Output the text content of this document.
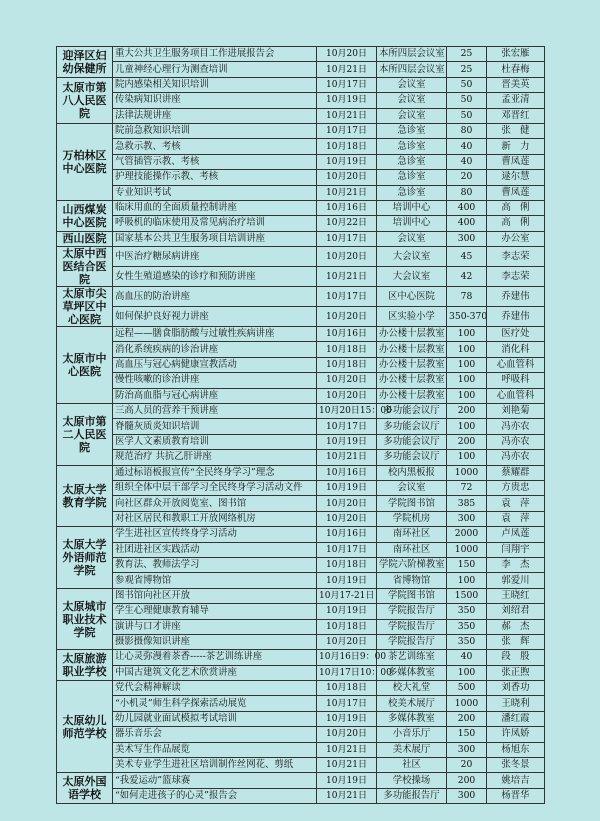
迎泽区妇幼保健所	重大公共卫生服务项目工作进展报告会	10月20日	本所四层会议室	25	张宏雁
	儿童神经心理行为测查培训	10月21日	本所四层会议室	25	杜春梅
太原市第八人民医院	院内感染相关知识培训	10月17日	会议室	50	晋美英
	传染病知识讲座	10月19日	会议室	50	孟亚清
	法律法规讲座	10月21日	会议室	50	邓晋红
万柏林区中心医院	院前急救知识培训	10月17日	急诊室	80	张　健
	急救示教、考核	10月18日	急诊室	40	新　力
	气管插管示教、考核	10月19日	急诊室	40	曹凤莲
	护理技能操作示教、考核	10月20日	急诊室	20	逯尔慧
	专业知识考试	10月21日	急诊室	80	曹凤莲
山西煤炭中心医院	临床用血的全面质量控制讲座	10月16日	培训中心	400	高　俐
	呼吸机的临床使用及常见病治疗培训	10月22日	培训中心	400	高　俐
西山医院	国家基本公共卫生服务项目培训讲座	10月17日	会议室	300	办公室
太原中西医结合医院	中医治疗糖尿病讲座	10月20日	大会议室	45	李志荣
	女性生殖道感染的诊疗和预防讲座	10月21日	大会议室	42	李志荣
太原市尖草坪区中心医院	高血压的防治讲座	10月17日	区中心医院	78	乔建伟
	如何保护良好视力讲座	10月20日	区实验小学	350-370	乔建伟
太原市中心医院	远程——膳食脂肪酸与过敏性疾病讲座	10月16日	办公楼十层教室	100	医疗处
	消化系统疾病的诊治讲座	10月18日	办公楼十层教室	100	消化科
	高血压与冠心病健康宣教活动	10月18日	办公楼十层教室	100	心血管科
	慢性咳嗽的诊治讲座	10月20日	办公楼十层教室	100	呼吸科
	防治高血脂与冠心病讲座	10月20日	办公楼十层教室	100	心血管科
太原市第二人民医院	三高人员的营养干预讲座	10月20日15：00	多功能会议厅	200	刘艳菊
	脊髓灰质炎知识培训	10月17日	多功能会议厅	100	冯亦农
	医学人文素质教育培训	10月19日	多功能会议厅	200	冯亦农
	规范治疗 共抗乙肝讲座	10月21日	多功能会议厅	100	冯亦农
太原大学教育学院	通过标语板报宣传“全民终身学习”理念	10月16日	校内黑板报	1000	蔡耀群
	组织全体中层干部学习全民终身学习活动文件	10月19日	会议室	72	方贵忠
	向社区群众开放阅览室、图书馆	10月20日	学院图书馆	385	袁　萍
	对社区居民和教职工开放网络机房	10月20日	学院机房	300	袁　萍
太原大学外语师范学院	学生进社区宣传终身学习活动	10月16日	南环社区	2000	卢凤莲
	社团进社区实践活动	10月17日	南环社区	1000	闫翔宇
	教育法、教师法学习	10月18日	学院六阶梯教室	150	李　杰
	参观省博物馆	10月19日	省博物馆	100	郭爱川
太原城市职业技术学院	图书馆向社区开放	10月17-21日	学院图书馆	1500	王晓红
	学生心理健康教育辅导	10月19日	学院报告厅	350	刘绍君
	演讲与口才讲座	10月18日	学院报告厅	350	郝　杰
	摄影摄像知识讲座	10月20日	学院报告厅	350	张　辉
太原旅游职业学校	让心灵弥漫着茶香-----茶艺训练讲座	10月16日9：00	茶艺训练室	40	段　殷
	中国古建筑文化艺术欣赏讲座	10月17日10：00	多媒体教室	100	张正煦
太原幼儿师范学校	党代会精神解读	10月18日	校大礼堂	500	刘香功
	“小机灵”师生科学探索活动展览	10月17日	校美术展厅	1000	王晓利
	幼儿园就业面试模拟考试培训	10月19日	多媒体教室	200	潘红霞
	器乐音乐会	10月20日	小音乐厅	150	许凤娇
	美术写生作品展览	10月21日	美术展厅	300	杨旭东
	美术专业学生进社区培训制作丝网花、剪纸	10月21日	社区	20	张冬景
太原外国语学校	“我爱运动”篮球赛	10月19日	学校操场	200	姚培吉
	“如何走进孩子的心灵”报告会	10月21日	多功能报告厅	300	杨晋华
